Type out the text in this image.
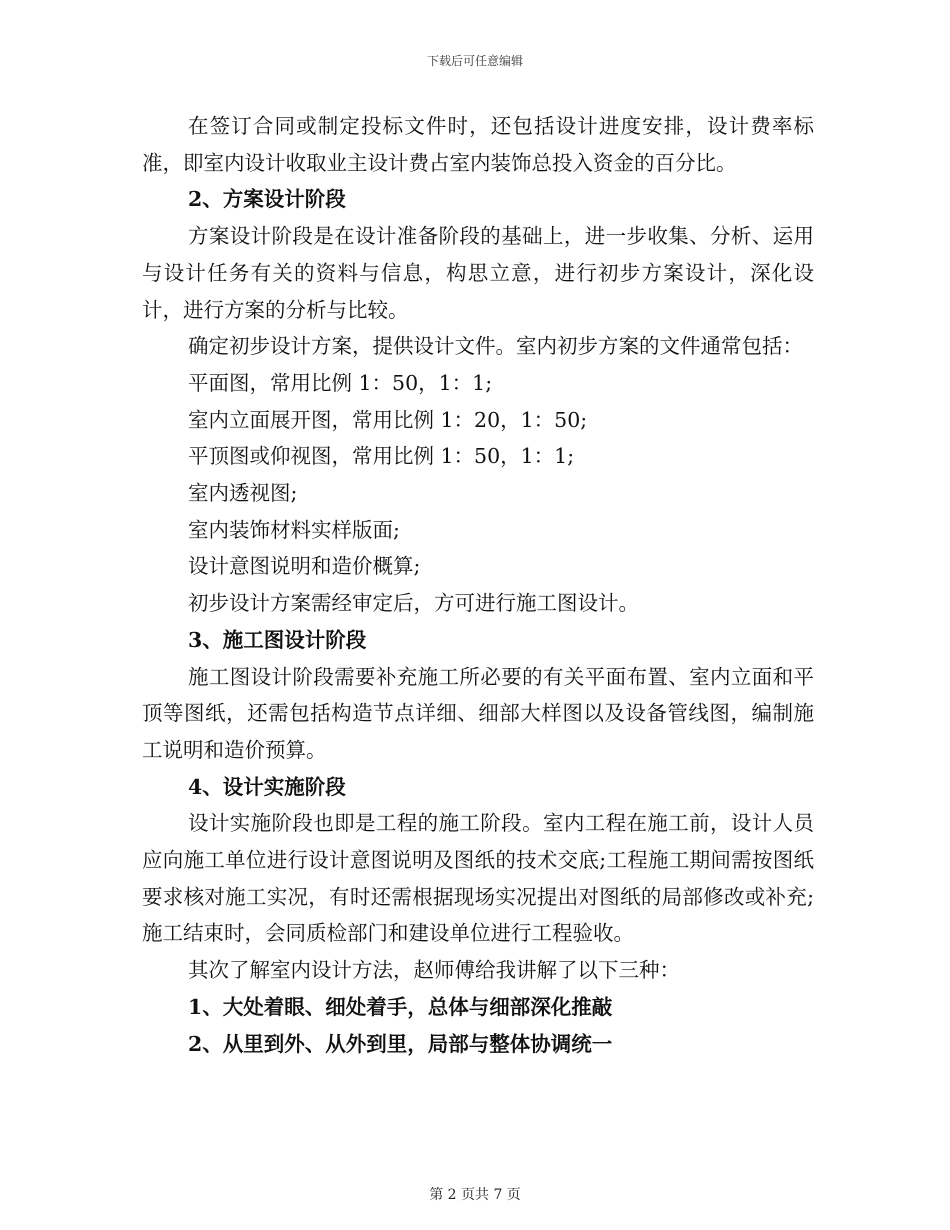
下载后可任意编辑

在签订合同或制定投标文件时，还包括设计进度安排，设计费率标准，即室内设计收取业主设计费占室内装饰总投入资金的百分比。

2、方案设计阶段

方案设计阶段是在设计准备阶段的基础上，进一步收集、分析、运用与设计任务有关的资料与信息，构思立意，进行初步方案设计，深化设计，进行方案的分析与比较。

确定初步设计方案，提供设计文件。室内初步方案的文件通常包括：

平面图，常用比例 1：50，1：1;

室内立面展开图，常用比例 1：20，1：50;

平顶图或仰视图，常用比例 1：50，1：1;

室内透视图;

室内装饰材料实样版面;

设计意图说明和造价概算;

初步设计方案需经审定后，方可进行施工图设计。

3、施工图设计阶段

施工图设计阶段需要补充施工所必要的有关平面布置、室内立面和平顶等图纸，还需包括构造节点详细、细部大样图以及设备管线图，编制施工说明和造价预算。

4、设计实施阶段

设计实施阶段也即是工程的施工阶段。室内工程在施工前，设计人员应向施工单位进行设计意图说明及图纸的技术交底;工程施工期间需按图纸要求核对施工实况，有时还需根据现场实况提出对图纸的局部修改或补充;施工结束时，会同质检部门和建设单位进行工程验收。

其次了解室内设计方法，赵师傅给我讲解了以下三种：

1、大处着眼、细处着手，总体与细部深化推敲

2、从里到外、从外到里，局部与整体协调统一

第 2 页共 7 页
